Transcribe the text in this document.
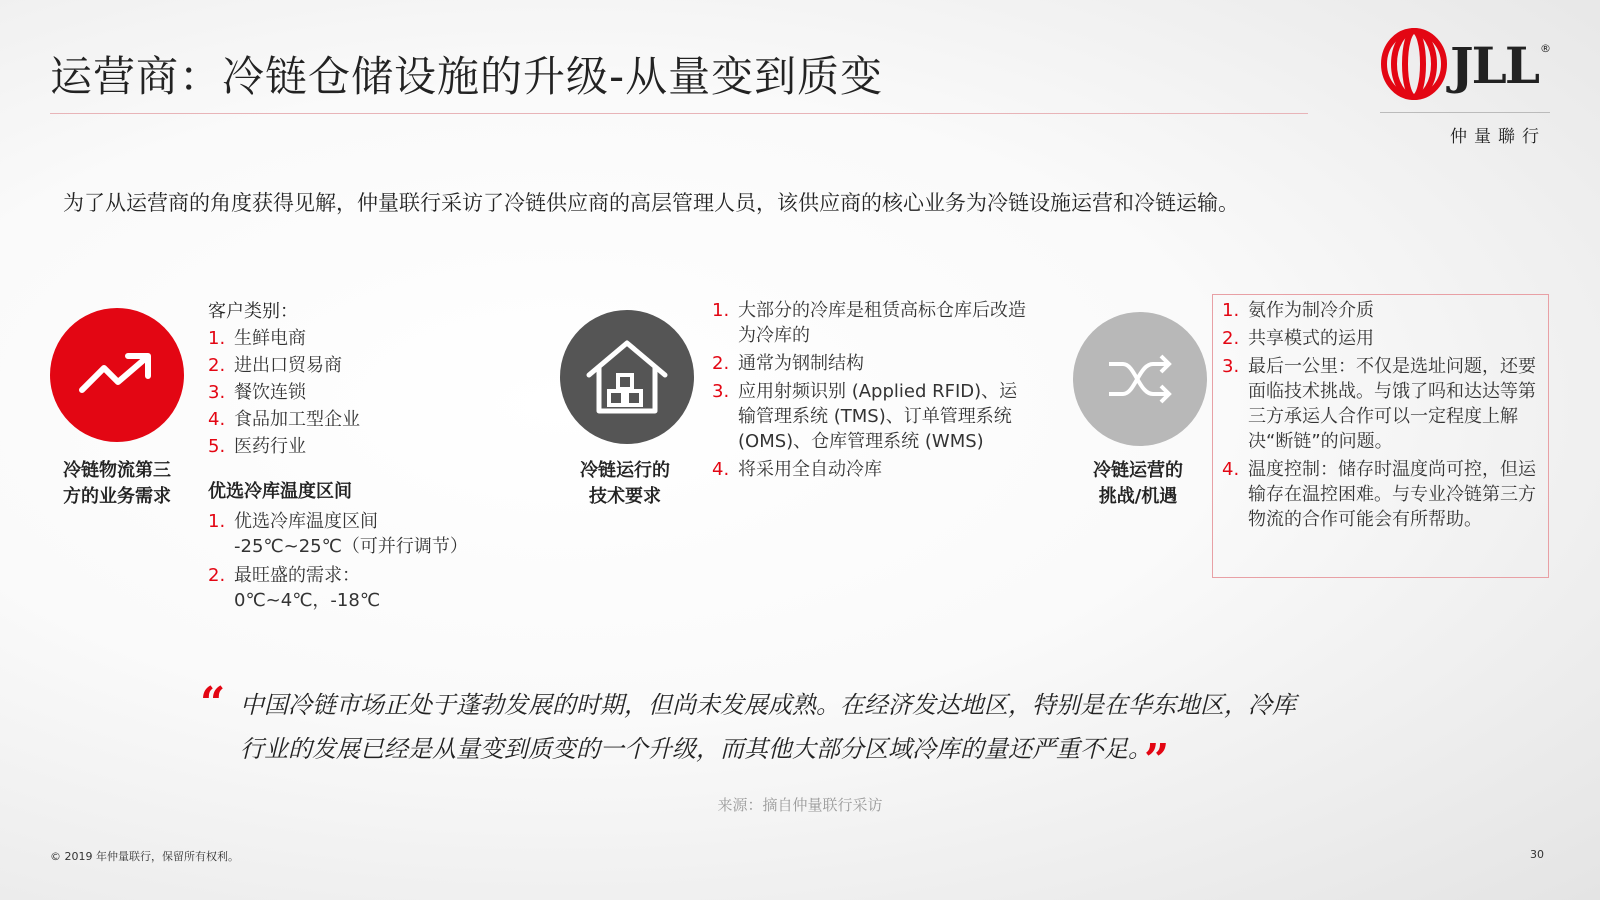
运营商：冷链仓储设施的升级-从量变到质变	JLL ®
仲量聯行
为了从运营商的角度获得见解，仲量联行采访了冷链供应商的高层管理人员，该供应商的核心业务为冷链设施运营和冷链运输。
冷链物流第三
方的业务需求
客户类别：
1. 生鲜电商
2. 进出口贸易商
3. 餐饮连锁
4. 食品加工型企业
5. 医药行业
优选冷库温度区间
1. 优选冷库温度区间
-25℃~25℃（可并行调节）
2. 最旺盛的需求：
0℃~4℃，-18℃
冷链运行的
技术要求
1. 大部分的冷库是租赁高标仓库后改造为冷库的
2. 通常为钢制结构
3. 应用射频识别 (Applied RFID)、运输管理系统 (TMS)、订单管理系统 (OMS)、仓库管理系统 (WMS)
4. 将采用全自动冷库	冷链运营的
挑战/机遇
1. 氨作为制冷介质
2. 共享模式的运用
3. 最后一公里：不仅是选址问题，还要面临技术挑战。与饿了吗和达达等第三方承运人合作可以一定程度上解决“断链”的问题。
4. 温度控制：储存时温度尚可控，但运输存在温控困难。与专业冷链第三方物流的合作可能会有所帮助。
“ 中国冷链市场正处于蓬勃发展的时期，但尚未发展成熟。在经济发达地区，特别是在华东地区，冷库行业的发展已经是从量变到质变的一个升级，而其他大部分区域冷库的量还严重不足。”
来源：摘自仲量联行采访
© 2019 年仲量联行，保留所有权利。	30
